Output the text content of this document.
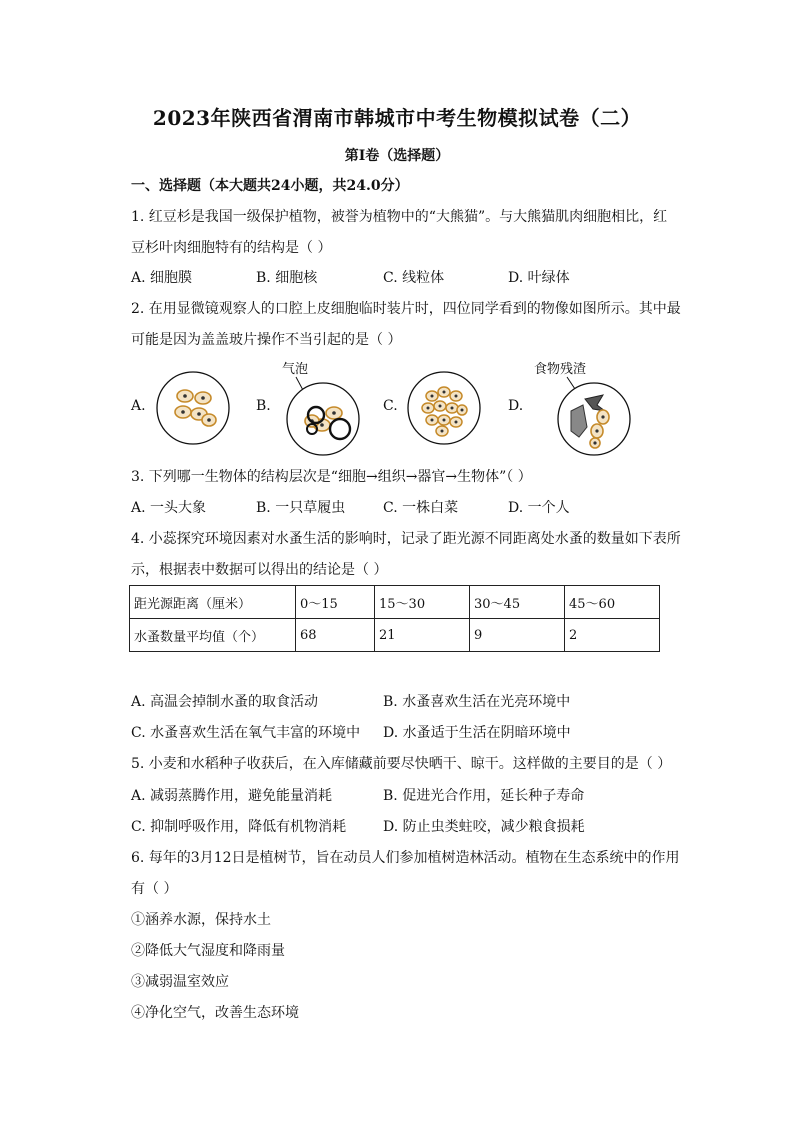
2023年陕西省渭南市韩城市中考生物模拟试卷（二）
第I卷（选择题）
一、选择题（本大题共24小题，共24.0分）
1. 红豆杉是我国一级保护植物，被誉为植物中的“大熊猫”。与大熊猫肌肉细胞相比，红
豆杉叶肉细胞特有的结构是（ ）
A. 细胞膜	B. 细胞核	C. 线粒体	D. 叶绿体
2. 在用显微镜观察人的口腔上皮细胞临时装片时，四位同学看到的物像如图所示。其中最
可能是因为盖盖玻片操作不当引起的是（ ）
A.	B.	C.	D.
气泡	食物残渣
3. 下列哪一生物体的结构层次是“细胞→组织→器官→生物体”（ ）
A. 一头大象	B. 一只草履虫	C. 一株白菜	D. 一个人
4. 小蕊探究环境因素对水蚤生活的影响时，记录了距光源不同距离处水蚤的数量如下表所
示，根据表中数据可以得出的结论是（ ）
距光源距离（厘米）	0～15	15～30	30～45	45～60
水蚤数量平均值（个）	68	21	9	2
A. 高温会掉制水蚤的取食活动	B. 水蚤喜欢生活在光亮环境中
C. 水蚤喜欢生活在氧气丰富的环境中 D. 水蚤适于生活在阴暗环境中
5. 小麦和水稻种子收获后，在入库储藏前要尽快晒干、晾干。这样做的主要目的是（ ）
A. 减弱蒸腾作用，避免能量消耗	B. 促进光合作用，延长种子寿命
C. 抑制呼吸作用，降低有机物消耗	D. 防止虫类蛀咬，减少粮食损耗
6. 每年的3月12日是植树节，旨在动员人们参加植树造林活动。植物在生态系统中的作用
有（ ）
①涵养水源，保持水土
②降低大气湿度和降雨量
③减弱温室效应
④净化空气，改善生态环境
